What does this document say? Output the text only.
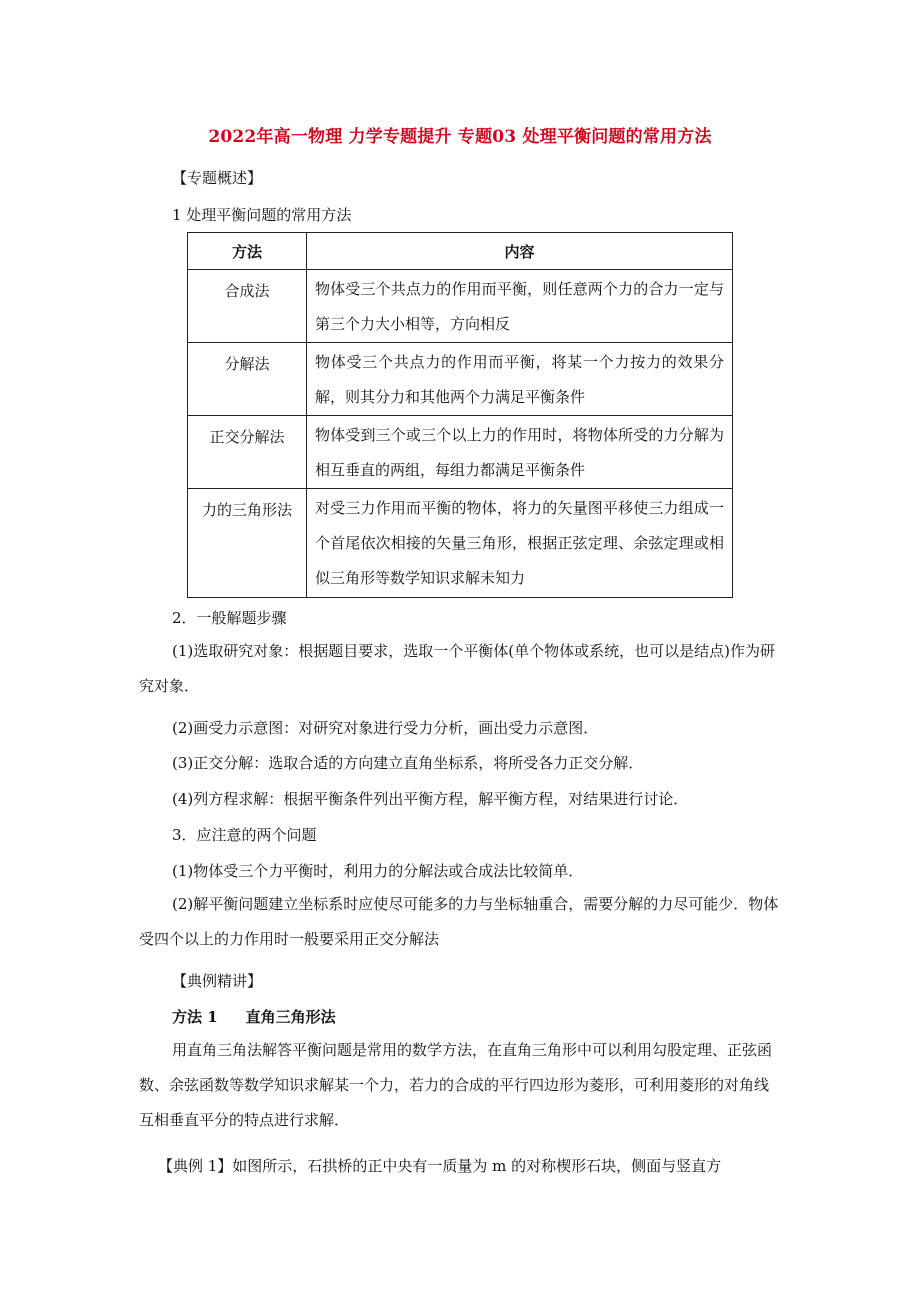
2022年高一物理 力学专题提升 专题03 处理平衡问题的常用方法
【专题概述】
1 处理平衡问题的常用方法
方法	内容
合成法	物体受三个共点力的作用而平衡，则任意两个力的合力一定与第三个力大小相等，方向相反
分解法	物体受三个共点力的作用而平衡，将某一个力按力的效果分解，则其分力和其他两个力满足平衡条件
正交分解法	物体受到三个或三个以上力的作用时，将物体所受的力分解为相互垂直的两组，每组力都满足平衡条件
力的三角形法	对受三力作用而平衡的物体，将力的矢量图平移使三力组成一个首尾依次相接的矢量三角形，根据正弦定理、余弦定理或相似三角形等数学知识求解未知力
2．一般解题步骤
(1)选取研究对象：根据题目要求，选取一个平衡体(单个物体或系统，也可以是结点)作为研究对象．
(2)画受力示意图：对研究对象进行受力分析，画出受力示意图．
(3)正交分解：选取合适的方向建立直角坐标系，将所受各力正交分解．
(4)列方程求解：根据平衡条件列出平衡方程，解平衡方程，对结果进行讨论．
3．应注意的两个问题
(1)物体受三个力平衡时，利用力的分解法或合成法比较简单．
(2)解平衡问题建立坐标系时应使尽可能多的力与坐标轴重合，需要分解的力尽可能少．物体受四个以上的力作用时一般要采用正交分解法
【典例精讲】
方法 1 直角三角形法
用直角三角法解答平衡问题是常用的数学方法，在直角三角形中可以利用勾股定理、正弦函数、余弦函数等数学知识求解某一个力，若力的合成的平行四边形为菱形，可利用菱形的对角线互相垂直平分的特点进行求解．
【典例 1】如图所示，石拱桥的正中央有一质量为 m 的对称楔形石块，侧面与竖直方
